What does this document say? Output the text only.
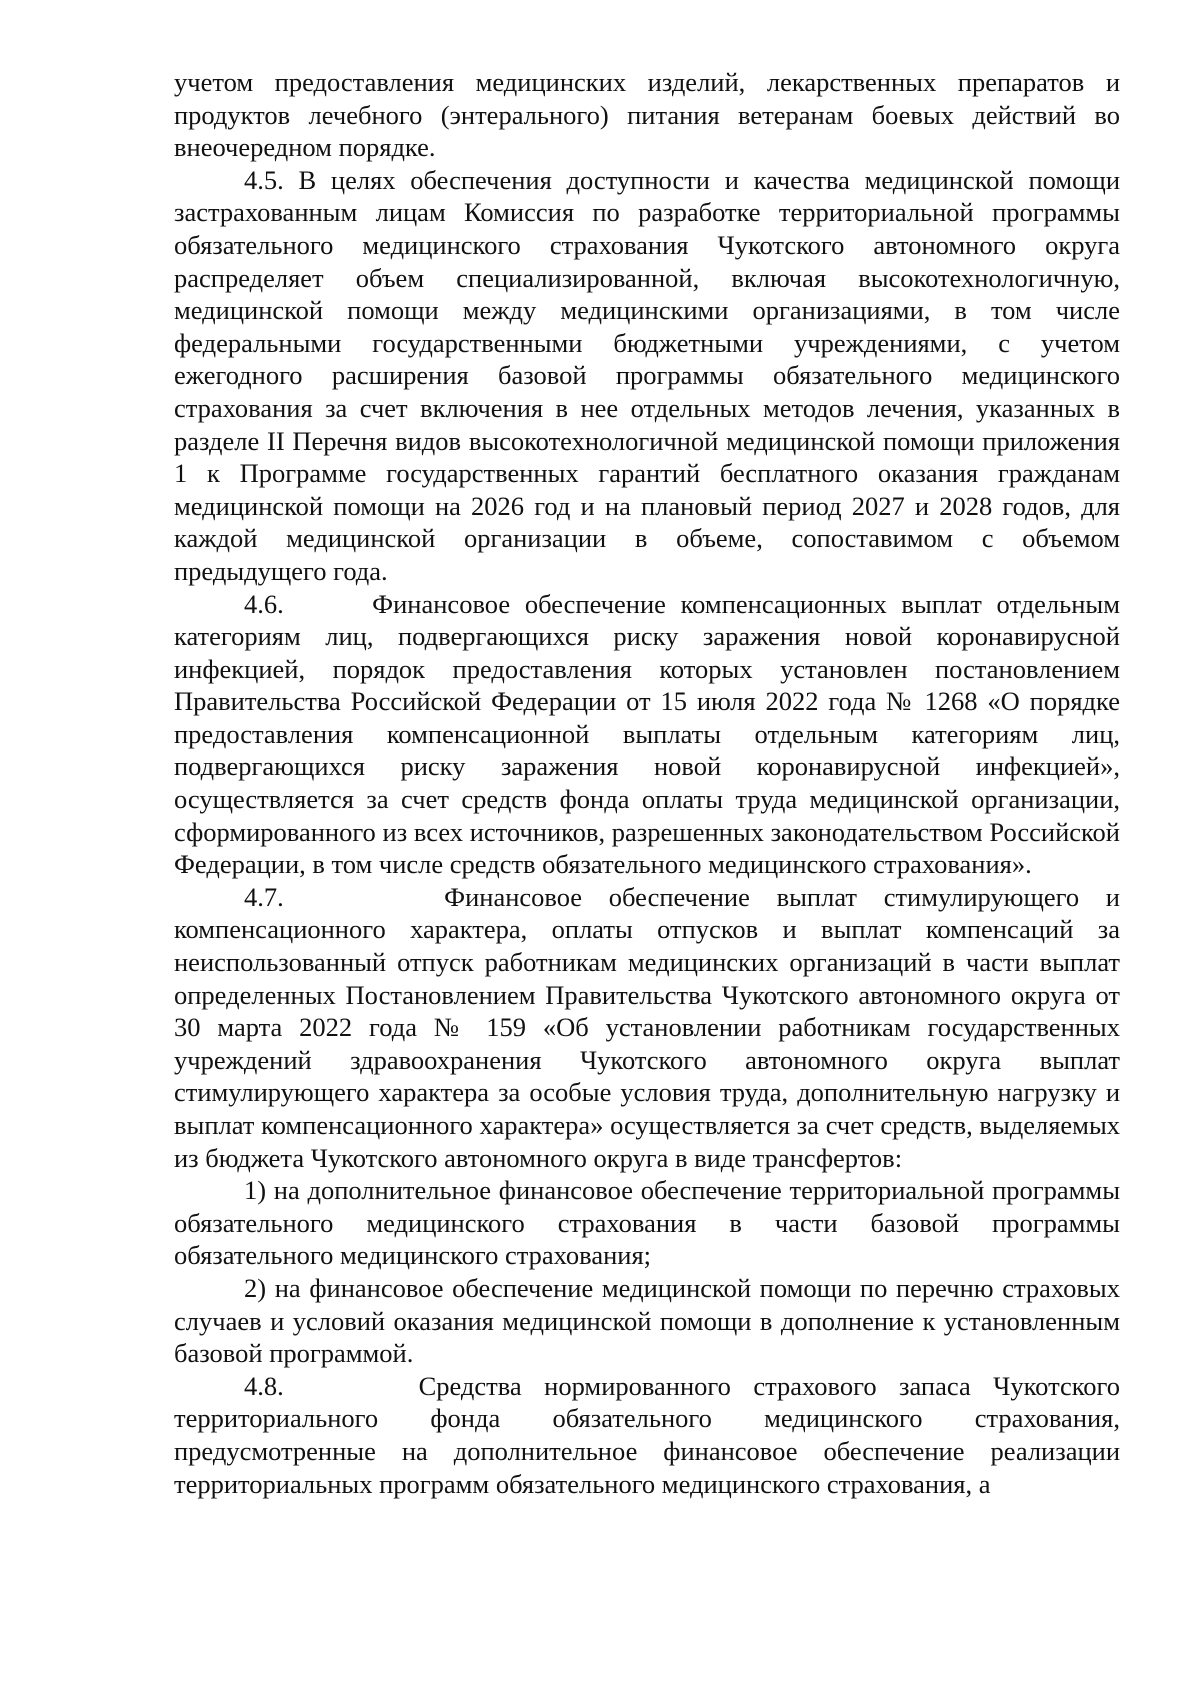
учетом предоставления медицинских изделий, лекарственных препаратов и продуктов лечебного (энтерального) питания ветеранам боевых действий во внеочередном порядке.

4.5. В целях обеспечения доступности и качества медицинской помощи застрахованным лицам Комиссия по разработке территориальной программы обязательного медицинского страхования Чукотского автономного округа распределяет объем специализированной, включая высокотехнологичную, медицинской помощи между медицинскими организациями, в том числе федеральными государственными бюджетными учреждениями, с учетом ежегодного расширения базовой программы обязательного медицинского страхования за счет включения в нее отдельных методов лечения, указанных в разделе II Перечня видов высокотехнологичной медицинской помощи приложения 1 к Программе государственных гарантий бесплатного оказания гражданам медицинской помощи на 2026 год и на плановый период 2027 и 2028 годов, для каждой медицинской организации в объеме, сопоставимом с объемом предыдущего года.

4.6.      Финансовое обеспечение компенсационных выплат отдельным категориям лиц, подвергающихся риску заражения новой коронавирусной инфекцией, порядок предоставления которых установлен постановлением Правительства Российской Федерации от 15 июля 2022 года № 1268 «О порядке предоставления компенсационной выплаты отдельным категориям лиц, подвергающихся риску заражения новой коронавирусной инфекцией», осуществляется за счет средств фонда оплаты труда медицинской организации, сформированного из всех источников, разрешенных законодательством Российской Федерации, в том числе средств обязательного медицинского страхования».

4.7.      Финансовое обеспечение выплат стимулирующего и компенсационного характера, оплаты отпусков и выплат компенсаций за неиспользованный отпуск работникам медицинских организаций в части выплат определенных Постановлением Правительства Чукотского автономного округа от 30 марта 2022 года № 159 «Об установлении работникам государственных учреждений здравоохранения Чукотского автономного округа выплат стимулирующего характера за особые условия труда, дополнительную нагрузку и выплат компенсационного характера» осуществляется за счет средств, выделяемых из бюджета Чукотского автономного округа в виде трансфертов:

1) на дополнительное финансовое обеспечение территориальной программы обязательного медицинского страхования в части базовой программы обязательного медицинского страхования;

2) на финансовое обеспечение медицинской помощи по перечню страховых случаев и условий оказания медицинской помощи в дополнение к установленным базовой программой.

4.8.      Средства нормированного страхового запаса Чукотского территориального фонда обязательного медицинского страхования, предусмотренные на дополнительное финансовое обеспечение реализации территориальных программ обязательного медицинского страхования, а
